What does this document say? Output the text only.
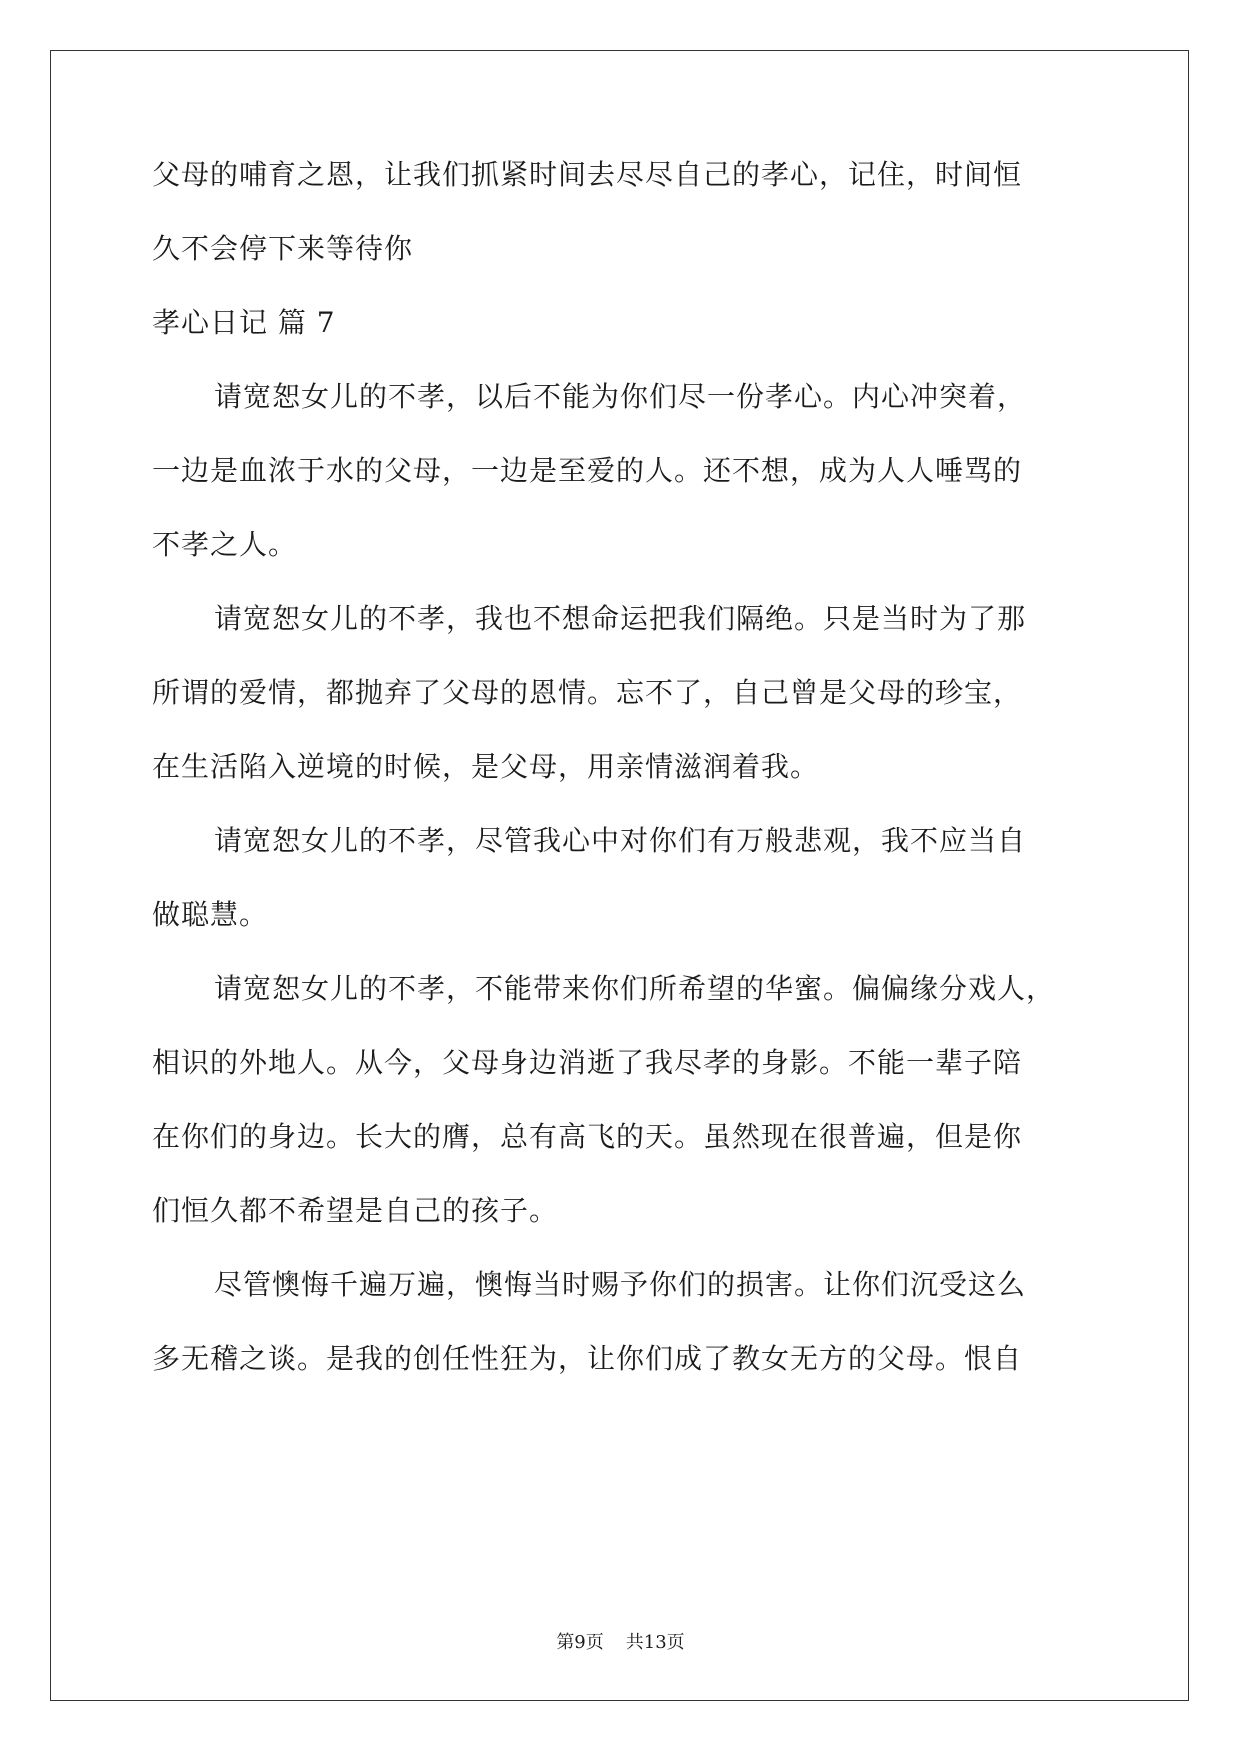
父母的哺育之恩，让我们抓紧时间去尽尽自己的孝心，记住，时间恒
久不会停下来等待你
孝心日记 篇 7
请宽恕女儿的不孝，以后不能为你们尽一份孝心。内心冲突着，
一边是血浓于水的父母，一边是至爱的人。还不想，成为人人唾骂的
不孝之人。
请宽恕女儿的不孝，我也不想命运把我们隔绝。只是当时为了那
所谓的爱情，都抛弃了父母的恩情。忘不了，自己曾是父母的珍宝，
在生活陷入逆境的时候，是父母，用亲情滋润着我。
请宽恕女儿的不孝，尽管我心中对你们有万般悲观，我不应当自
做聪慧。
请宽恕女儿的不孝，不能带来你们所希望的华蜜。偏偏缘分戏人，
相识的外地人。从今，父母身边消逝了我尽孝的身影。不能一辈子陪
在你们的身边。长大的膺，总有高飞的天。虽然现在很普遍，但是你
们恒久都不希望是自己的孩子。
尽管懊悔千遍万遍，懊悔当时赐予你们的损害。让你们沉受这么
多无稽之谈。是我的创任性狂为，让你们成了教女无方的父母。恨自
第9页 共13页
